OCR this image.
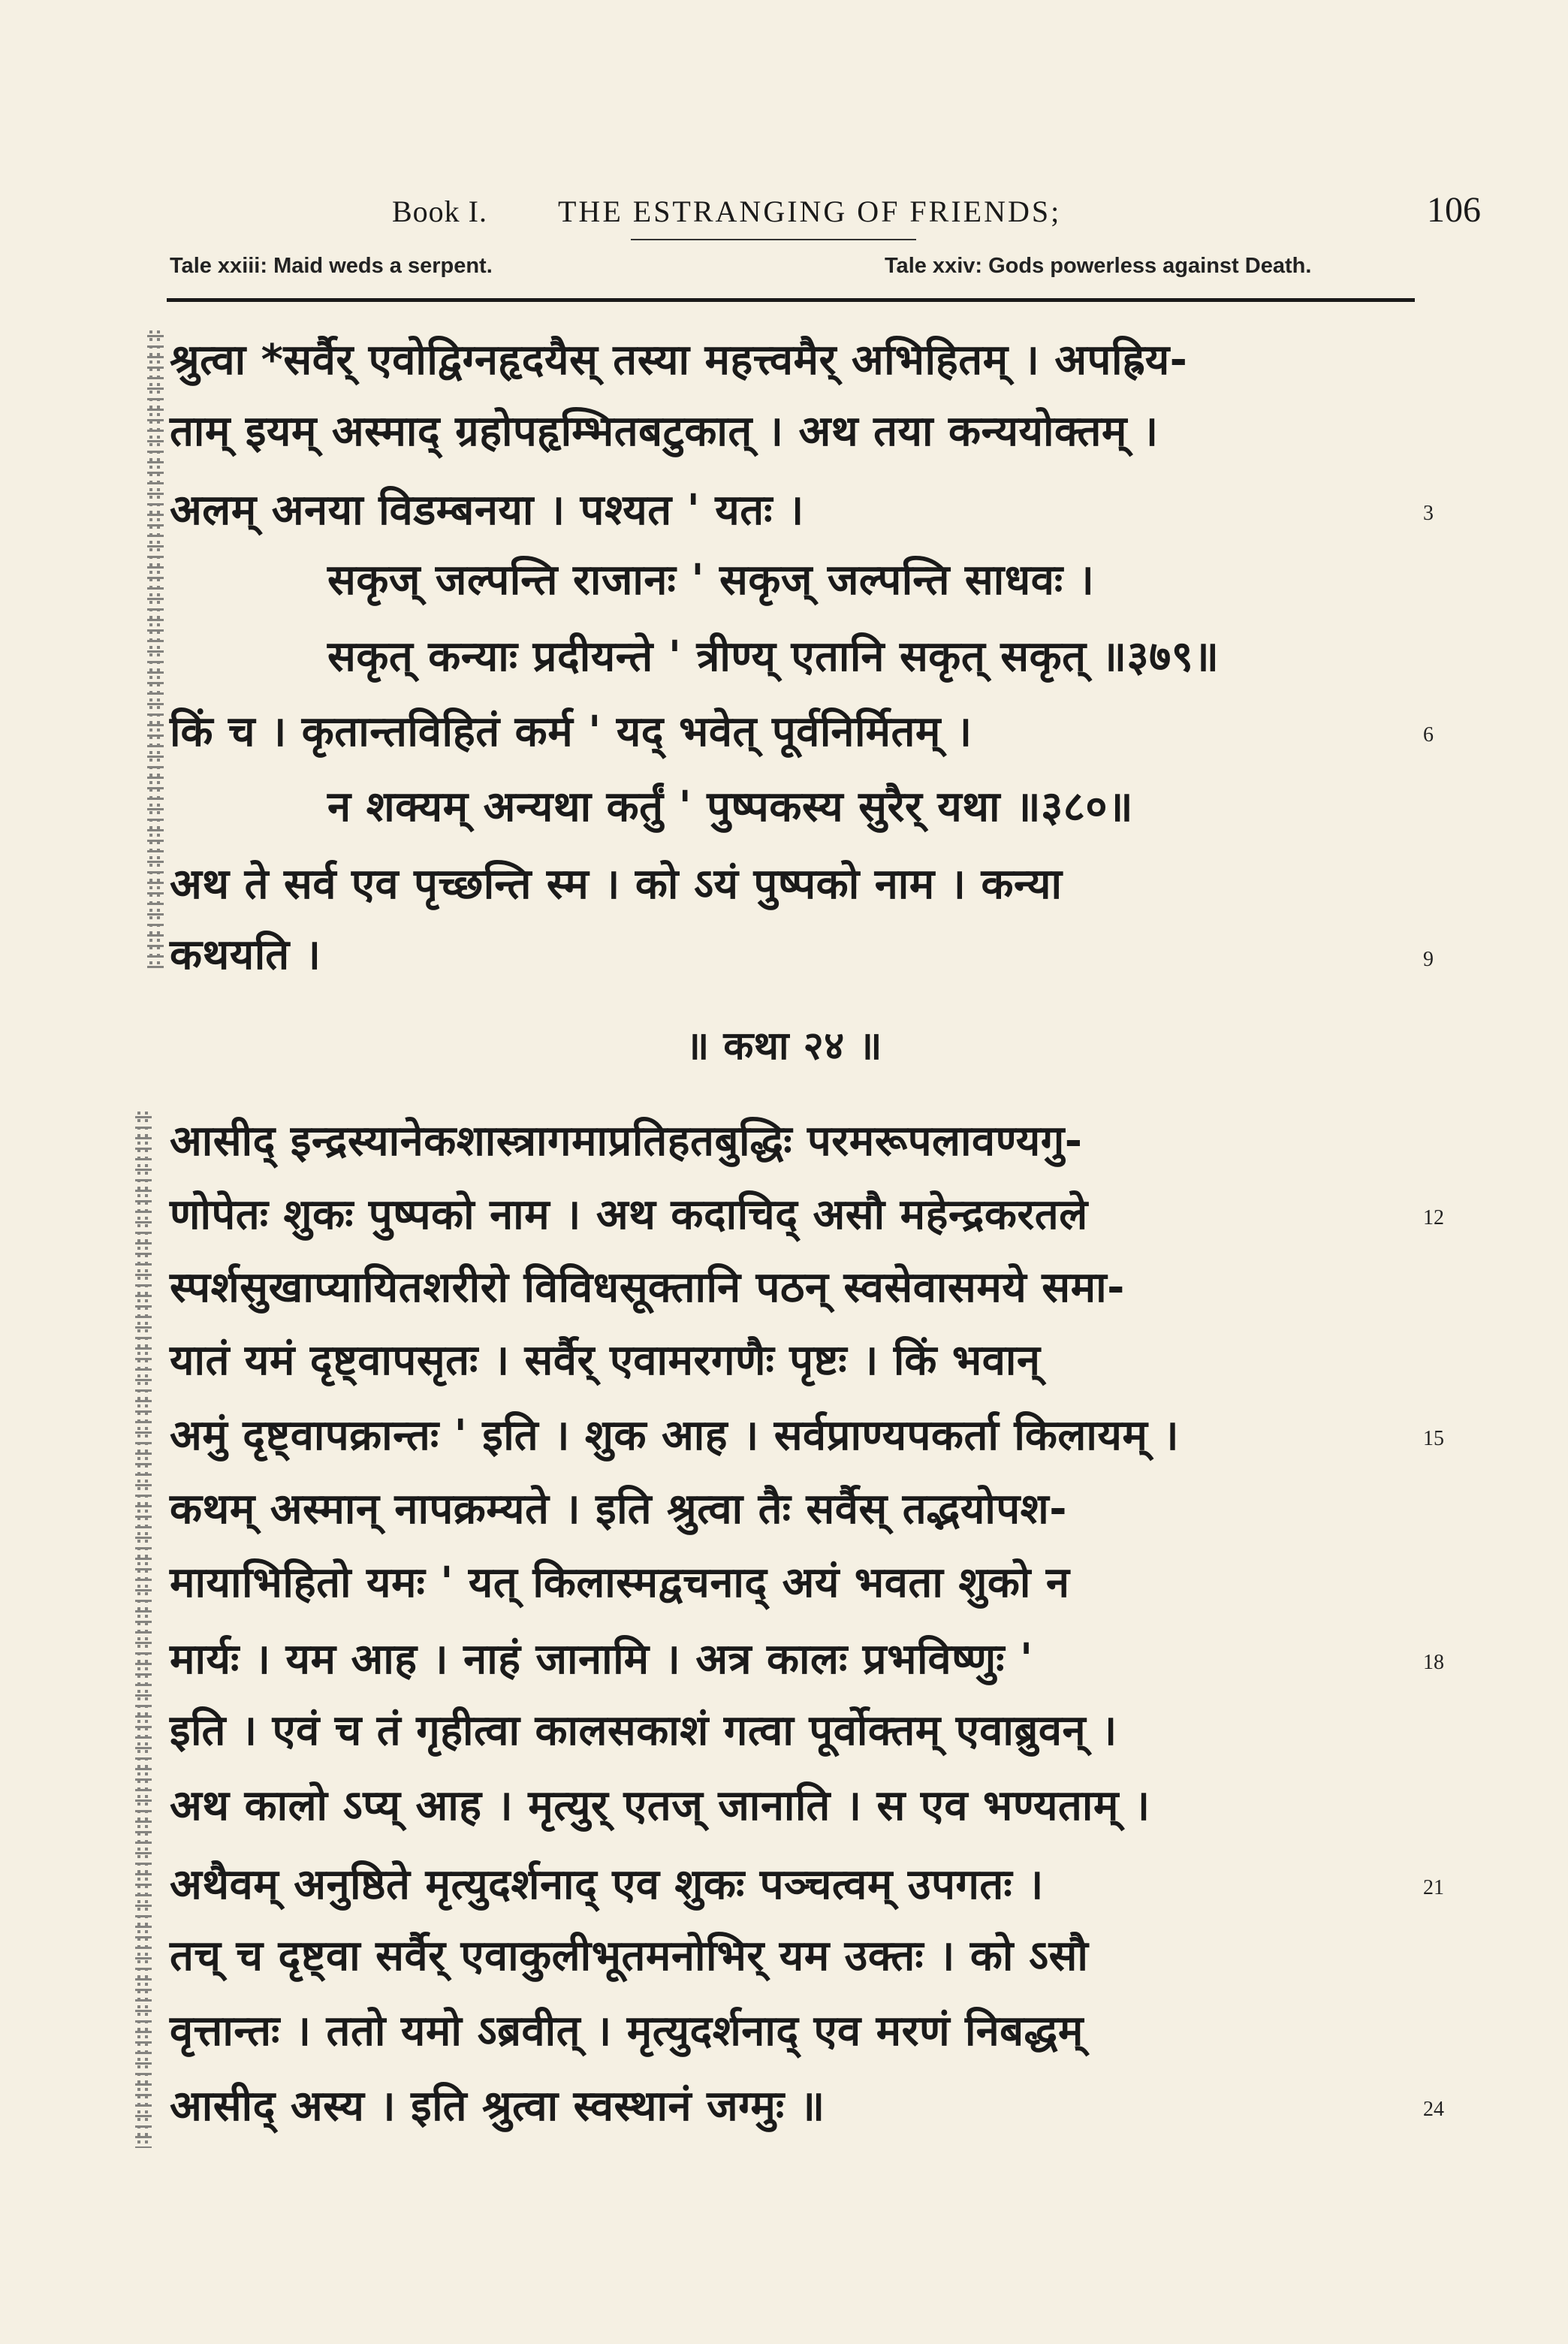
Book I. THE ESTRANGING OF FRIENDS;	106
Tale xxiii: Maid weds a serpent.	Tale xxiv: Gods powerless against Death.
श्रुत्वा *सर्वैर् एवोद्विग्नहृदयैस् तस्या महत्त्वमैर् अभिहितम् । अपह्रिय-
ताम् इयम् अस्माद् ग्रहोपहृम्भितबटुकात् । अथ तया कन्ययोक्तम् ।
अलम् अनया विडम्बनया । पश्यत ' यतः ।
सकृज् जल्पन्ति राजानः ' सकृज् जल्पन्ति साधवः ।
सकृत् कन्याः प्रदीयन्ते ' त्रीण्य् एतानि सकृत् सकृत् ॥३७९॥
किं च । कृतान्तविहितं कर्म ' यद् भवेत् पूर्वनिर्मितम् ।
न शक्यम् अन्यथा कर्तुं ' पुष्पकस्य सुरैर् यथा ॥३८०॥
अथ ते सर्व एव पृच्छन्ति स्म । को ऽयं पुष्पको नाम । कन्या
कथयति ।
॥ कथा २४ ॥
आसीद् इन्द्रस्यानेकशास्त्रागमाप्रतिहतबुद्धिः परमरूपलावण्यगु-
णोपेतः शुकः पुष्पको नाम । अथ कदाचिद् असौ महेन्द्रकरतले
स्पर्शसुखाप्यायितशरीरो विविधसूक्तानि पठन् स्वसेवासमये समा-
यातं यमं दृष्ट्वापसृतः । सर्वैर् एवामरगणैः पृष्टः । किं भवान्
अमुं दृष्ट्वापक्रान्तः ' इति । शुक आह । सर्वप्राण्यपकर्ता किलायम् ।
कथम् अस्मान् नापक्रम्यते । इति श्रुत्वा तैः सर्वैस् तद्भयोपश-
मायाभिहितो यमः ' यत् किलास्मद्वचनाद् अयं भवता शुको न
मार्यः । यम आह । नाहं जानामि । अत्र कालः प्रभविष्णुः '
इति । एवं च तं गृहीत्वा कालसकाशं गत्वा पूर्वोक्तम् एवाब्रुवन् ।
अथ कालो ऽप्य् आह । मृत्युर् एतज् जानाति । स एव भण्यताम् ।
अथैवम् अनुष्ठिते मृत्युदर्शनाद् एव शुकः पञ्चत्वम् उपगतः ।
तच् च दृष्ट्वा सर्वैर् एवाकुलीभूतमनोभिर् यम उक्तः । को ऽसौ
वृत्तान्तः । ततो यमो ऽब्रवीत् । मृत्युदर्शनाद् एव मरणं निबद्धम्
आसीद् अस्य । इति श्रुत्वा स्वस्थानं जग्मुः ॥
3
6
9
12
15
18
21
24
